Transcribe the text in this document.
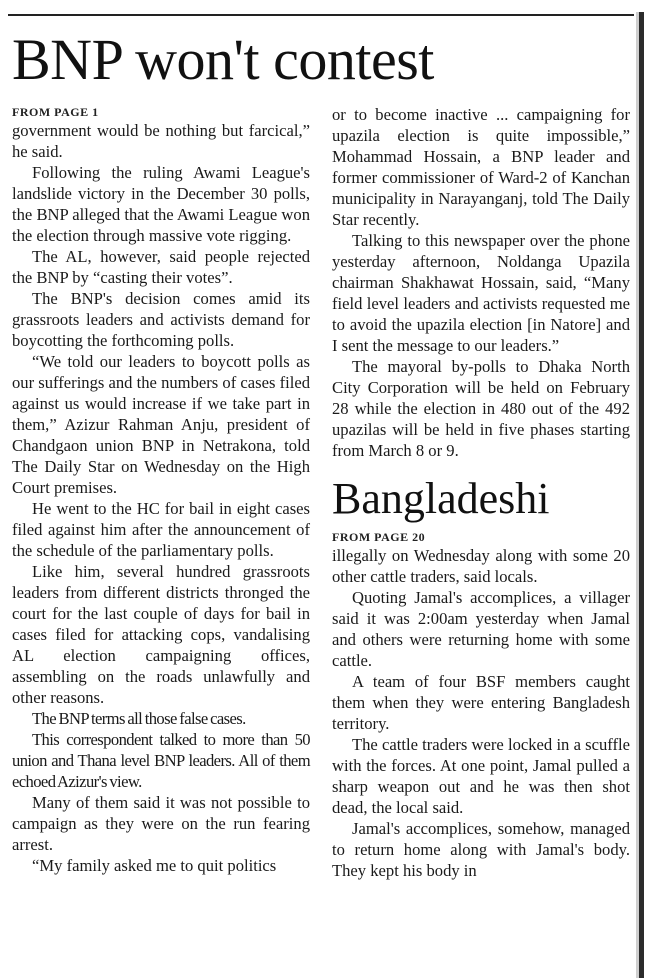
BNP won't contest

FROM PAGE 1

government would be nothing but farcical,” he said.

Following the ruling Awami League's landslide victory in the December 30 polls, the BNP alleged that the Awami League won the election through massive vote rigging.

The AL, however, said people rejected the BNP by “casting their votes”.

The BNP's decision comes amid its grassroots leaders and activists demand for boycotting the forthcoming polls.

“We told our leaders to boycott polls as our sufferings and the numbers of cases filed against us would increase if we take part in them,” Azizur Rahman Anju, president of Chandgaon union BNP in Netrakona, told The Daily Star on Wednesday on the High Court premises.

He went to the HC for bail in eight cases filed against him after the announcement of the schedule of the parliamentary polls.

Like him, several hundred grassroots leaders from different districts thronged the court for the last couple of days for bail in cases filed for attacking cops, vandalising AL election campaigning offices, assembling on the roads unlawfully and other reasons.

The BNP terms all those false cases.

This correspondent talked to more than 50 union and Thana level BNP leaders. All of them echoed Azizur's view.

Many of them said it was not possible to campaign as they were on the run fearing arrest.

“My family asked me to quit politics

or to become inactive ... campaigning for upazila election is quite impossible,” Mohammad Hossain, a BNP leader and former commissioner of Ward-2 of Kanchan municipality in Narayanganj, told The Daily Star recently.

Talking to this newspaper over the phone yesterday afternoon, Noldanga Upazila chairman Shakhawat Hossain, said, “Many field level leaders and activists requested me to avoid the upazila election [in Natore] and I sent the message to our leaders.”

The mayoral by-polls to Dhaka North City Corporation will be held on February 28 while the election in 480 out of the 492 upazilas will be held in five phases starting from March 8 or 9.

Bangladeshi

FROM PAGE 20

illegally on Wednesday along with some 20 other cattle traders, said locals.

Quoting Jamal's accomplices, a villager said it was 2:00am yesterday when Jamal and others were returning home with some cattle.

A team of four BSF members caught them when they were entering Bangladesh territory.

The cattle traders were locked in a scuffle with the forces. At one point, Jamal pulled a sharp weapon out and he was then shot dead, the local said.

Jamal's accomplices, somehow, managed to return home along with Jamal's body. They kept his body in
